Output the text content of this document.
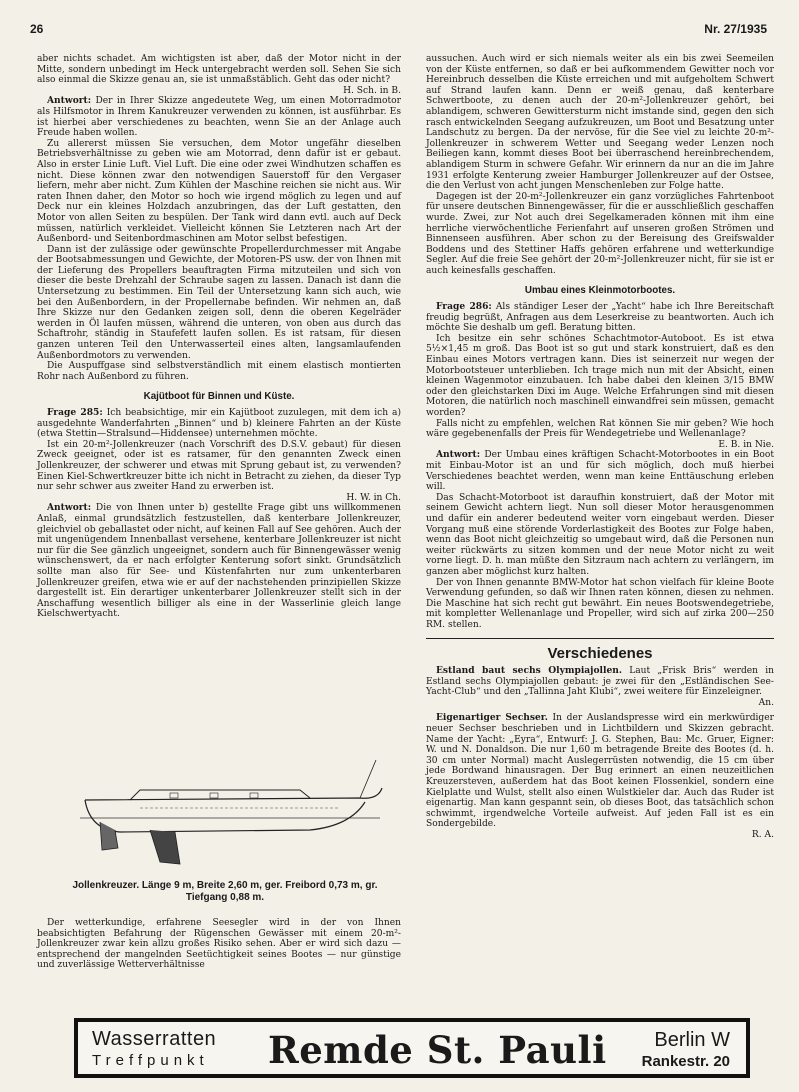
26	Nr. 27/1935

aber nichts schadet. Am wichtigsten ist aber, daß der Motor nicht in der Mitte, sondern unbedingt im Heck untergebracht werden soll. Sehen Sie sich also einmal die Skizze genau an, sie ist unmaßstäblich. Geht das oder nicht?
H. Sch. in B.

Antwort: Der in Ihrer Skizze angedeutete Weg, um einen Motorradmotor als Hilfsmotor in Ihrem Kanukreuzer verwenden zu können, ist ausführbar. Es ist hierbei aber verschiedenes zu beachten, wenn Sie an der Anlage auch Freude haben wollen.

Zu allererst müssen Sie versuchen, dem Motor ungefähr dieselben Betriebsverhältnisse zu geben wie am Motorrad, denn dafür ist er gebaut. Also in erster Linie Luft. Viel Luft. Die eine oder zwei Windhutzen schaffen es nicht. Diese können zwar den notwendigen Sauerstoff für den Vergaser liefern, mehr aber nicht. Zum Kühlen der Maschine reichen sie nicht aus. Wir raten Ihnen daher, den Motor so hoch wie irgend möglich zu legen und auf Deck nur ein kleines Holzdach anzubringen, das der Luft gestatten, den Motor von allen Seiten zu bespülen. Der Tank wird dann evtl. auch auf Deck müssen, natürlich verkleidet. Vielleicht können Sie Letzteren nach Art der Außenbord- und Seitenbordmaschinen am Motor selbst befestigen.

Dann ist der zulässige oder gewünschte Propellerdurchmesser mit Angabe der Bootsabmessungen und Gewichte, der Motoren-PS usw. der von Ihnen mit der Lieferung des Propellers beauftragten Firma mitzuteilen und sich von dieser die beste Drehzahl der Schraube sagen zu lassen. Danach ist dann die Untersetzung zu bestimmen. Ein Teil der Untersetzung kann sich auch, wie bei den Außenbordern, in der Propellernabe befinden. Wir nehmen an, daß Ihre Skizze nur den Gedanken zeigen soll, denn die oberen Kegelräder werden in Öl laufen müssen, während die unteren, von oben aus durch das Schaftrohr, ständig in Staufefett laufen sollen. Es ist ratsam, für diesen ganzen unteren Teil den Unterwasserteil eines alten, langsamlaufenden Außenbordmotors zu verwenden.

Die Auspuffgase sind selbstverständlich mit einem elastisch montierten Rohr nach Außenbord zu führen.

Kajütboot für Binnen und Küste.

Frage 285: Ich beabsichtige, mir ein Kajütboot zuzulegen, mit dem ich a) ausgedehnte Wanderfahrten „Binnen“ und b) kleinere Fahrten an der Küste (etwa Stettin—Stralsund—Hiddensee) unternehmen möchte.

Ist ein 20-m²-Jollenkreuzer (nach Vorschrift des D.S.V. gebaut) für diesen Zweck geeignet, oder ist es ratsamer, für den genannten Zweck einen Jollenkreuzer, der schwerer und etwas mit Sprung gebaut ist, zu verwenden? Einen Kiel-Schwertkreuzer bitte ich nicht in Betracht zu ziehen, da dieser Typ nur sehr schwer aus zweiter Hand zu erwerben ist.
H. W. in Ch.

Antwort: Die von Ihnen unter b) gestellte Frage gibt uns willkommenen Anlaß, einmal grundsätzlich festzustellen, daß kenterbare Jollenkreuzer, gleichviel ob geballastet oder nicht, auf keinen Fall auf See gehören. Auch der mit ungenügendem Innenballast versehene, kenterbare Jollenkreuzer ist nicht nur für die See gänzlich ungeeignet, sondern auch für Binnengewässer wenig wünschenswert, da er nach erfolgter Kenterung sofort sinkt. Grundsätzlich sollte man also für See- und Küstenfahrten nur zum unkenterbaren Jollenkreuzer greifen, etwa wie er auf der nachstehenden prinzipiellen Skizze dargestellt ist. Ein derartiger unkenterbarer Jollenkreuzer stellt sich in der Anschaffung wesentlich billiger als eine in der Wasserlinie gleich lange Kielschwertyacht.

Jollenkreuzer. Länge 9 m, Breite 2,60 m, ger. Freibord 0,73 m, gr. Tiefgang 0,88 m.

Der wetterkundige, erfahrene Seesegler wird in der von Ihnen beabsichtigten Befahrung der Rügenschen Gewässer mit einem 20-m²-Jollenkreuzer zwar kein allzu großes Risiko sehen. Aber er wird sich dazu — entsprechend der mangelnden Seetüchtigkeit seines Bootes — nur günstige und zuverlässige Wetterverhältnisse

aussuchen. Auch wird er sich niemals weiter als ein bis zwei Seemeilen von der Küste entfernen, so daß er bei aufkommendem Gewitter noch vor Hereinbruch desselben die Küste erreichen und mit aufgeholtem Schwert auf Strand laufen kann. Denn er weiß genau, daß kenterbare Schwertboote, zu denen auch der 20-m²-Jollenkreuzer gehört, bei ablandigem, schweren Gewittersturm nicht imstande sind, gegen den sich rasch entwickelnden Seegang aufzukreuzen, um Boot und Besatzung unter Landschutz zu bergen. Da der nervöse, für die See viel zu leichte 20-m²-Jollenkreuzer in schwerem Wetter und Seegang weder Lenzen noch Beiliegen kann, kommt dieses Boot bei überraschend hereinbrechendem, ablandigem Sturm in schwere Gefahr. Wir erinnern da nur an die im Jahre 1931 erfolgte Kenterung zweier Hamburger Jollenkreuzer auf der Ostsee, die den Verlust von acht jungen Menschenleben zur Folge hatte.

Dagegen ist der 20-m²-Jollenkreuzer ein ganz vorzügliches Fahrtenboot für unsere deutschen Binnengewässer, für die er ausschließlich geschaffen wurde. Zwei, zur Not auch drei Segelkameraden können mit ihm eine herrliche vierwöchentliche Ferienfahrt auf unseren großen Strömen und Binnenseen ausführen. Aber schon zu der Bereisung des Greifswalder Boddens und des Stettiner Haffs gehören erfahrene und wetterkundige Segler. Auf die freie See gehört der 20-m²-Jollenkreuzer nicht, für sie ist er auch keinesfalls geschaffen.

Umbau eines Kleinmotorbootes.

Frage 286: Als ständiger Leser der „Yacht“ habe ich Ihre Bereitschaft freudig begrüßt, Anfragen aus dem Leserkreise zu beantworten. Auch ich möchte Sie deshalb um gefl. Beratung bitten.

Ich besitze ein sehr schönes Schachtmotor-Autoboot. Es ist etwa 5½×1,45 m groß. Das Boot ist so gut und stark konstruiert, daß es den Einbau eines Motors vertragen kann. Dies ist seinerzeit nur wegen der Motorbootsteuer unterblieben. Ich trage mich nun mit der Absicht, einen kleinen Wagenmotor einzubauen. Ich habe dabei den kleinen 3/15 BMW oder den gleichstarken Dixi im Auge. Welche Erfahrungen sind mit diesen Motoren, die natürlich noch maschinell einwandfrei sein müssen, gemacht worden?

Falls nicht zu empfehlen, welchen Rat können Sie mir geben? Wie hoch wäre gegebenenfalls der Preis für Wendegetriebe und Wellenanlage?
E. B. in Nie.

Antwort: Der Umbau eines kräftigen Schacht-Motorbootes in ein Boot mit Einbau-Motor ist an und für sich möglich, doch muß hierbei Verschiedenes beachtet werden, wenn man keine Enttäuschung erleben will.

Das Schacht-Motorboot ist daraufhin konstruiert, daß der Motor mit seinem Gewicht achtern liegt. Nun soll dieser Motor herausgenommen und dafür ein anderer bedeutend weiter vorn eingebaut werden. Dieser Vorgang muß eine störende Vorderlastigkeit des Bootes zur Folge haben, wenn das Boot nicht gleichzeitig so umgebaut wird, daß die Personen nun weiter rückwärts zu sitzen kommen und der neue Motor nicht zu weit vorne liegt. D. h. man müßte den Sitzraum nach achtern zu verlängern, im ganzen aber möglichst kurz halten.

Der von Ihnen genannte BMW-Motor hat schon vielfach für kleine Boote Verwendung gefunden, so daß wir Ihnen raten können, diesen zu nehmen. Die Maschine hat sich recht gut bewährt. Ein neues Bootswendegetriebe, mit kompletter Wellenanlage und Propeller, wird sich auf zirka 200—250 RM. stellen.

Verschiedenes

Estland baut sechs Olympiajollen. Laut „Frisk Bris“ werden in Estland sechs Olympiajollen gebaut: je zwei für den „Estländischen See-Yacht-Club“ und den „Tallinna Jaht Klubi“, zwei weitere für Einzeleigner.
An.

Eigenartiger Sechser. In der Auslandspresse wird ein merkwürdiger neuer Sechser beschrieben und in Lichtbildern und Skizzen gebracht. Name der Yacht: „Eyra“, Entwurf: J. G. Stephen, Bau: Mc. Gruer, Eigner: W. und N. Donaldson. Die nur 1,60 m betragende Breite des Bootes (d. h. 30 cm unter Normal) macht Auslegerrüsten notwendig, die 15 cm über jede Bordwand hinausragen. Der Bug erinnert an einen neuzeitlichen Kreuzersteven, außerdem hat das Boot keinen Flossenkiel, sondern eine Kielplatte und Wulst, stellt also einen Wulstkieler dar. Auch das Ruder ist eigenartig. Man kann gespannt sein, ob dieses Boot, das tatsächlich schon schwimmt, irgendwelche Vorteile aufweist. Auf jeden Fall ist es ein Sondergebilde.
R. A.

Wasserratten
Treffpunkt Remde St. Pauli Berlin W
Rankestr. 20
